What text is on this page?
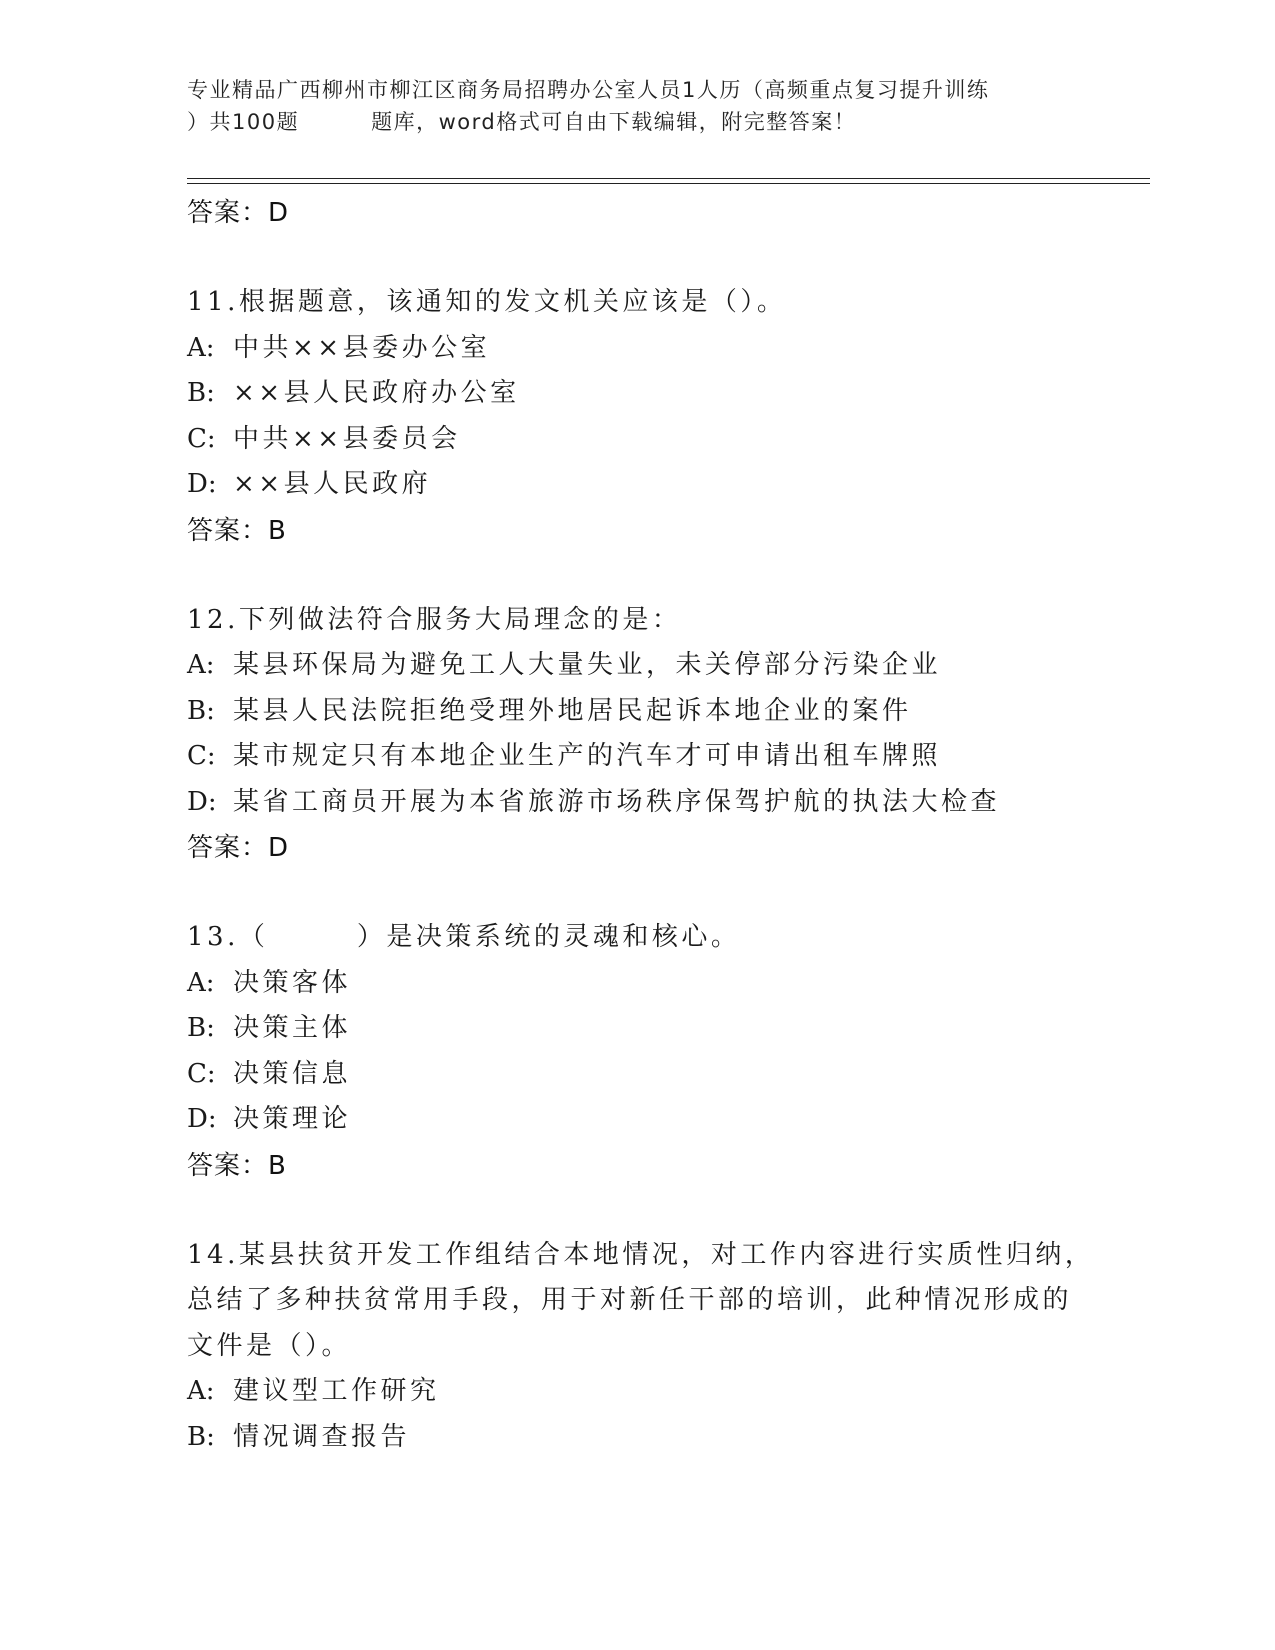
专业精品广西柳州市柳江区商务局招聘办公室人员1人历（高频重点复习提升训练
）共100题	题库，word格式可自由下载编辑，附完整答案！
答案：D
11.根据题意，该通知的发文机关应该是（）。
A: 中共××县委办公室
B: ××县人民政府办公室
C: 中共××县委员会
D: ××县人民政府
答案：B
12.下列做法符合服务大局理念的是：
A: 某县环保局为避免工人大量失业，未关停部分污染企业
B: 某县人民法院拒绝受理外地居民起诉本地企业的案件
C: 某市规定只有本地企业生产的汽车才可申请出租车牌照
D: 某省工商员开展为本省旅游市场秩序保驾护航的执法大检查
答案：D
13.（　　　）是决策系统的灵魂和核心。
A: 决策客体
B: 决策主体
C: 决策信息
D: 决策理论
答案：B
14.某县扶贫开发工作组结合本地情况，对工作内容进行实质性归纳，
总结了多种扶贫常用手段，用于对新任干部的培训，此种情况形成的
文件是（）。
A: 建议型工作研究
B: 情况调查报告
